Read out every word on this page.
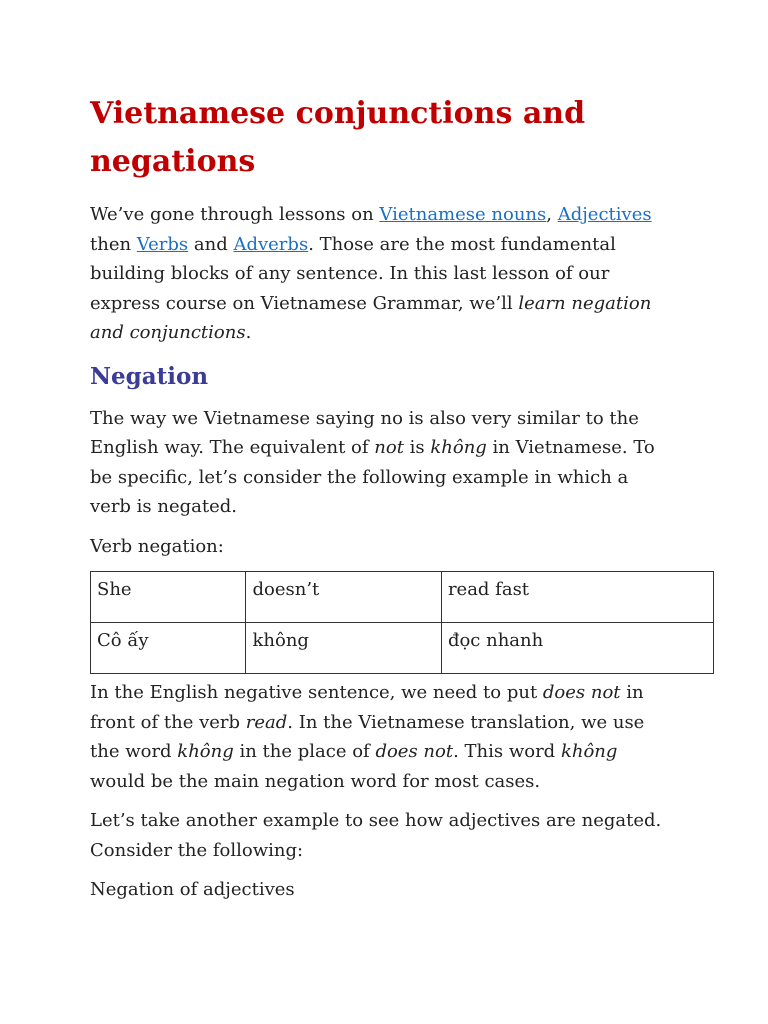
Vietnamese conjunctions and negations

We’ve gone through lessons on Vietnamese nouns, Adjectives then Verbs and Adverbs. Those are the most fundamental building blocks of any sentence. In this last lesson of our express course on Vietnamese Grammar, we’ll learn negation and conjunctions.

Negation

The way we Vietnamese saying no is also very similar to the English way. The equivalent of not is không in Vietnamese. To be specific, let’s consider the following example in which a verb is negated.

Verb negation:

She	doesn’t	read fast
Cô ấy	không	đọc nhanh

In the English negative sentence, we need to put does not in front of the verb read. In the Vietnamese translation, we use the word không in the place of does not. This word không would be the main negation word for most cases.

Let’s take another example to see how adjectives are negated. Consider the following:

Negation of adjectives
